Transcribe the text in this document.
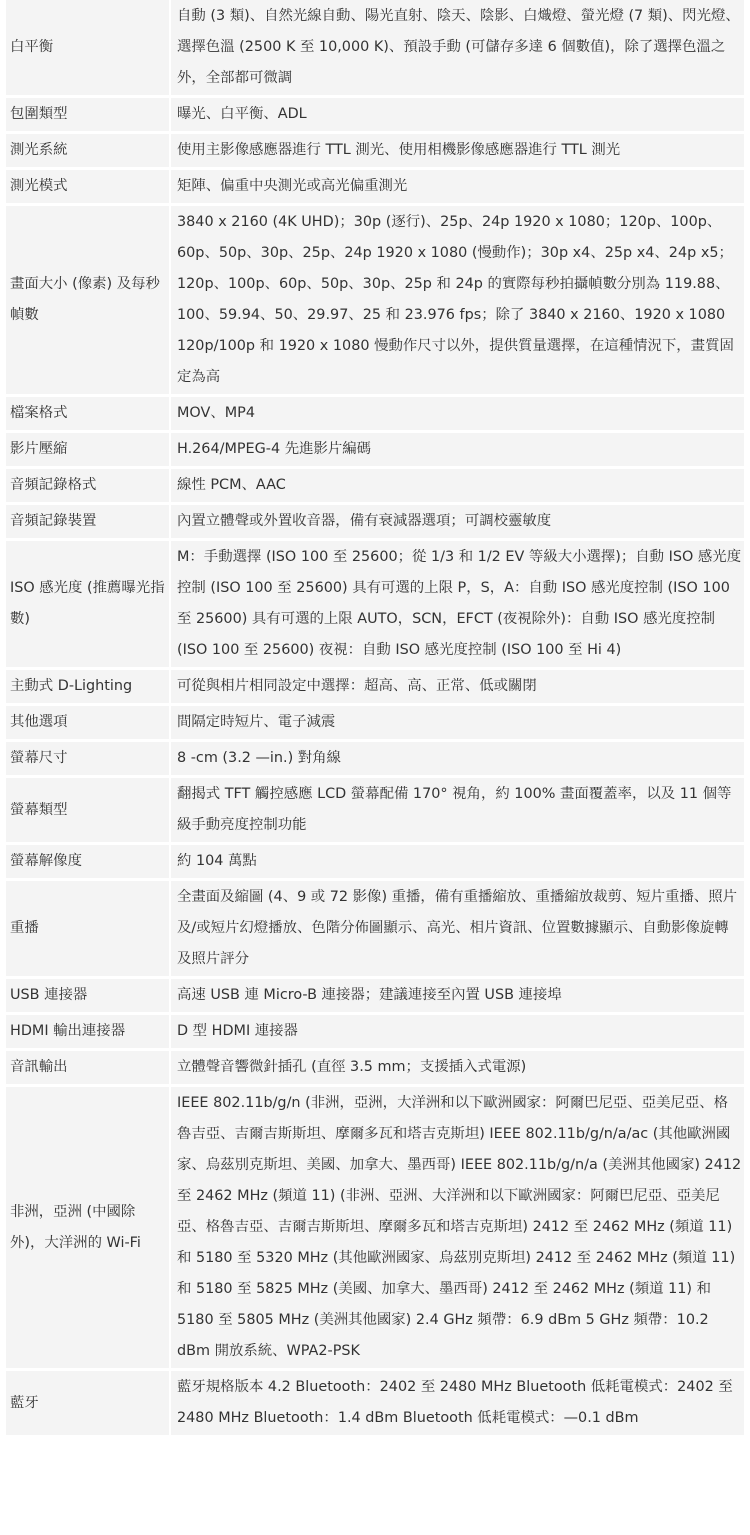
白平衡	自動 (3 類)、自然光線自動、陽光直射、陰天、陰影、白熾燈、螢光燈 (7 類)、閃光燈、選擇色溫 (2500 K 至 10,000 K)、預設手動 (可儲存多達 6 個數值)，除了選擇色溫之外，全部都可微調
包圍類型	曝光、白平衡、ADL
測光系統	使用主影像感應器進行 TTL 測光、使用相機影像感應器進行 TTL 測光
測光模式	矩陣、偏重中央測光或高光偏重測光
畫面大小 (像素) 及每秒幀數	3840 x 2160 (4K UHD)；30p (逐行)、25p、24p 1920 x 1080；120p、100p、60p、50p、30p、25p、24p 1920 x 1080 (慢動作)；30p x4、25p x4、24p x5；120p、100p、60p、50p、30p、25p 和 24p 的實際每秒拍攝幀數分別為 119.88、100、59.94、50、29.97、25 和 23.976 fps；除了 3840 x 2160、1920 x 1080 120p/100p 和 1920 x 1080 慢動作尺寸以外，提供質量選擇，在這種情況下，畫質固定為高
檔案格式	MOV、MP4
影片壓縮	H.264/MPEG-4 先進影片編碼
音頻記錄格式	線性 PCM、AAC
音頻記錄裝置	內置立體聲或外置收音器，備有衰減器選項；可調校靈敏度
ISO 感光度 (推薦曝光指數)	M：手動選擇 (ISO 100 至 25600；從 1/3 和 1/2 EV 等級大小選擇)；自動 ISO 感光度控制 (ISO 100 至 25600) 具有可選的上限 P，S，A：自動 ISO 感光度控制 (ISO 100 至 25600) 具有可選的上限 AUTO，SCN，EFCT (夜視除外)：自動 ISO 感光度控制 (ISO 100 至 25600) 夜視：自動 ISO 感光度控制 (ISO 100 至 Hi 4)
主動式 D-Lighting	可從與相片相同設定中選擇：超高、高、正常、低或關閉
其他選項	間隔定時短片、電子減震
螢幕尺寸	8 -cm (3.2 —in.) 對角線
螢幕類型	翻揭式 TFT 觸控感應 LCD 螢幕配備 170° 視角，約 100% 畫面覆蓋率，以及 11 個等級手動亮度控制功能
螢幕解像度	約 104 萬點
重播	全畫面及縮圖 (4、9 或 72 影像) 重播，備有重播縮放、重播縮放裁剪、短片重播、照片及/或短片幻燈播放、色階分佈圖顯示、高光、相片資訊、位置數據顯示、自動影像旋轉及照片評分
USB 連接器	高速 USB 連 Micro-B 連接器；建議連接至內置 USB 連接埠
HDMI 輸出連接器	D 型 HDMI 連接器
音訊輸出	立體聲音響微針插孔 (直徑 3.5 mm；支援插入式電源)
非洲，亞洲 (中國除外)，大洋洲的 Wi-Fi	IEEE 802.11b/g/n (非洲，亞洲，大洋洲和以下歐洲國家：阿爾巴尼亞、亞美尼亞、格魯吉亞、吉爾吉斯斯坦、摩爾多瓦和塔吉克斯坦) IEEE 802.11b/g/n/a/ac (其他歐洲國家、烏茲別克斯坦、美國、加拿大、墨西哥) IEEE 802.11b/g/n/a (美洲其他國家) 2412 至 2462 MHz (頻道 11) (非洲、亞洲、大洋洲和以下歐洲國家：阿爾巴尼亞、亞美尼亞、格魯吉亞、吉爾吉斯斯坦、摩爾多瓦和塔吉克斯坦) 2412 至 2462 MHz (頻道 11) 和 5180 至 5320 MHz (其他歐洲國家、烏茲別克斯坦) 2412 至 2462 MHz (頻道 11) 和 5180 至 5825 MHz (美國、加拿大、墨西哥) 2412 至 2462 MHz (頻道 11) 和 5180 至 5805 MHz (美洲其他國家) 2.4 GHz 頻帶：6.9 dBm 5 GHz 頻帶：10.2 dBm 開放系統、WPA2-PSK
藍牙	藍牙規格版本 4.2 Bluetooth：2402 至 2480 MHz Bluetooth 低耗電模式：2402 至 2480 MHz Bluetooth：1.4 dBm Bluetooth 低耗電模式：—0.1 dBm
